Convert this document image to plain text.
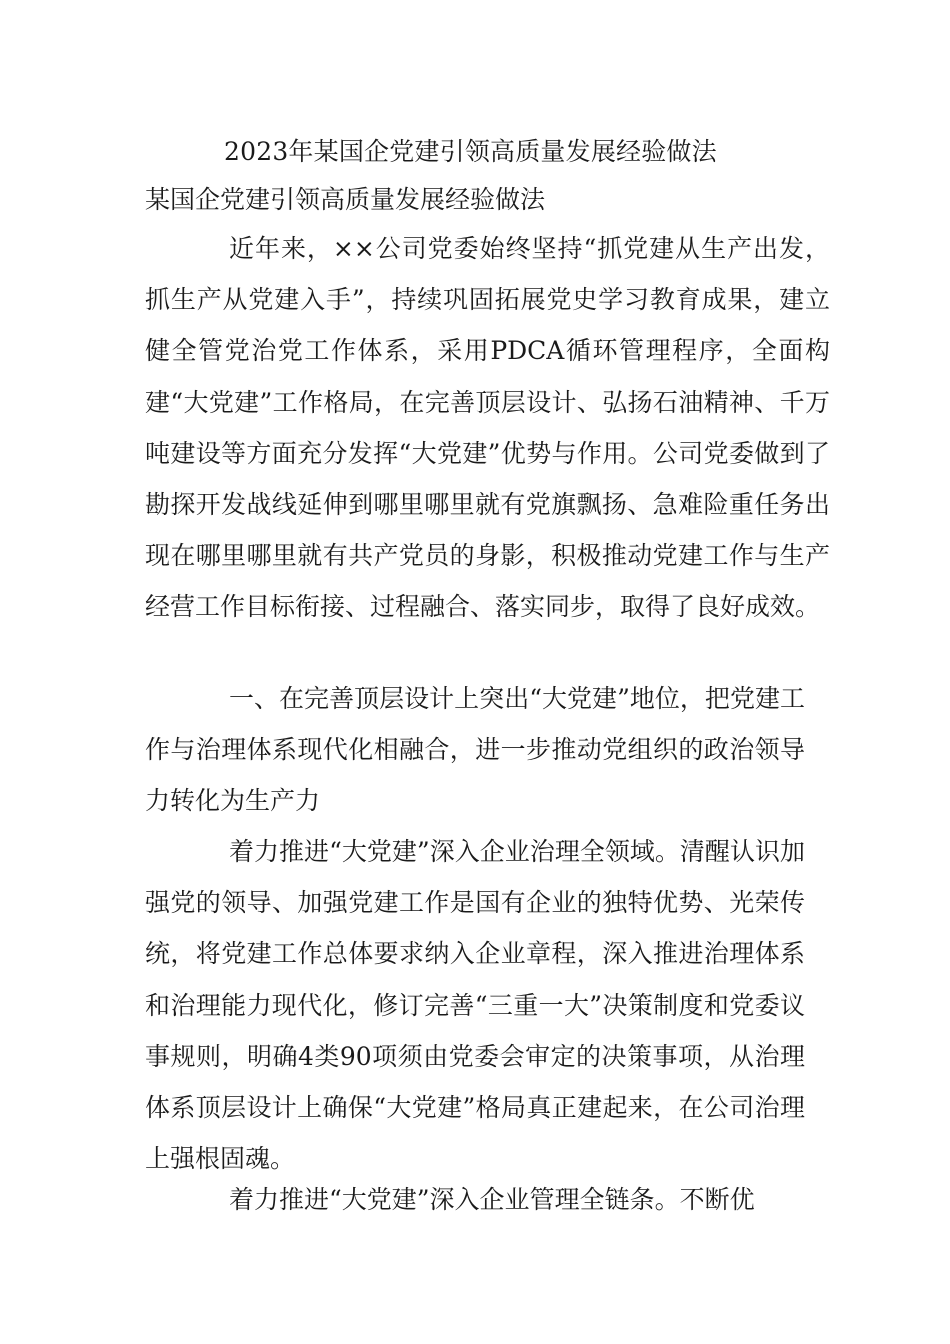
2023年某国企党建引领高质量发展经验做法
某国企党建引领高质量发展经验做法
近年来，××公司党委始终坚持“抓党建从生产出发，抓生产从党建入手”，持续巩固拓展党史学习教育成果，建立健全管党治党工作体系，采用PDCA循环管理程序，全面构建“大党建”工作格局，在完善顶层设计、弘扬石油精神、千万吨建设等方面充分发挥“大党建”优势与作用。公司党委做到了勘探开发战线延伸到哪里哪里就有党旗飘扬、急难险重任务出现在哪里哪里就有共产党员的身影，积极推动党建工作与生产经营工作目标衔接、过程融合、落实同步，取得了良好成效。
一、在完善顶层设计上突出“大党建”地位，把党建工作与治理体系现代化相融合，进一步推动党组织的政治领导力转化为生产力
着力推进“大党建”深入企业治理全领域。清醒认识加强党的领导、加强党建工作是国有企业的独特优势、光荣传统，将党建工作总体要求纳入企业章程，深入推进治理体系和治理能力现代化，修订完善“三重一大”决策制度和党委议事规则，明确4类90项须由党委会审定的决策事项，从治理体系顶层设计上确保“大党建”格局真正建起来，在公司治理上强根固魂。
着力推进“大党建”深入企业管理全链条。不断优
